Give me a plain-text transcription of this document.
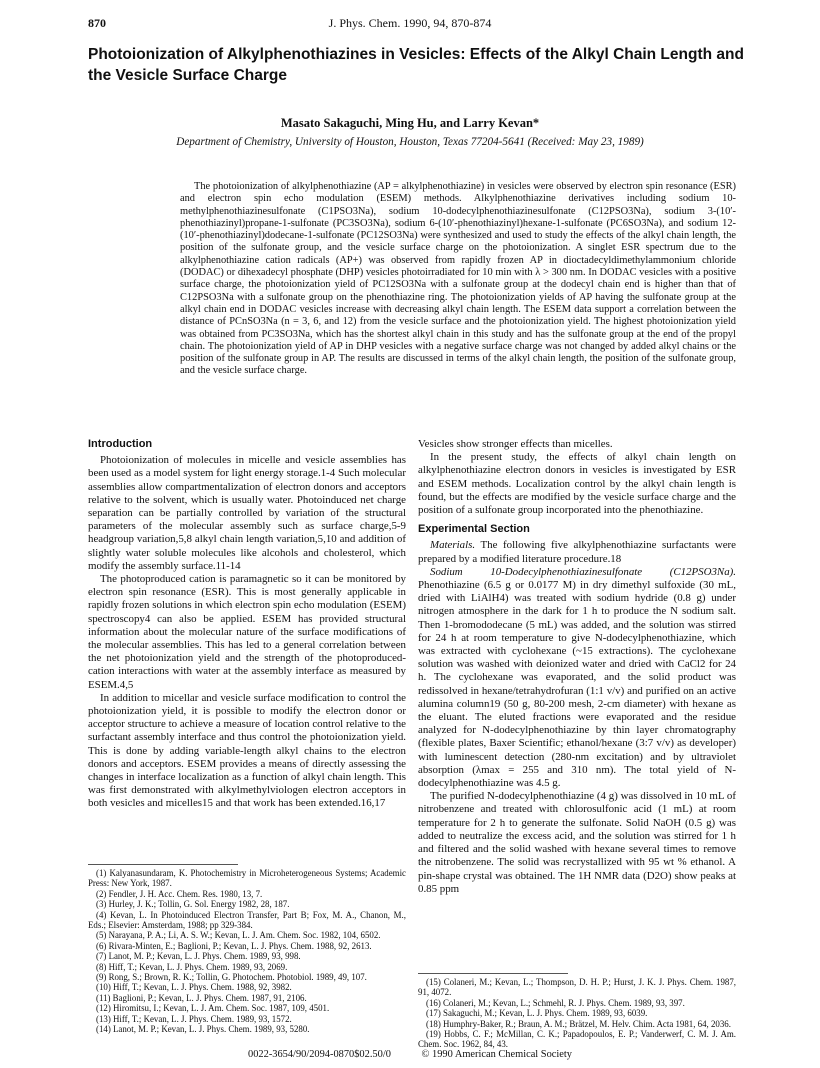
870	J. Phys. Chem. 1990, 94, 870-874
Photoionization of Alkylphenothiazines in Vesicles: Effects of the Alkyl Chain Length and the Vesicle Surface Charge
Masato Sakaguchi, Ming Hu, and Larry Kevan*
Department of Chemistry, University of Houston, Houston, Texas 77204-5641 (Received: May 23, 1989)
The photoionization of alkylphenothiazine (AP = alkylphenothiazine) in vesicles were observed by electron spin resonance (ESR) and electron spin echo modulation (ESEM) methods. Alkylphenothiazine derivatives including sodium 10-methylphenothiazinesulfonate (C1PSO3Na), sodium 10-dodecylphenothiazinesulfonate (C12PSO3Na), sodium 3-(10′-phenothiazinyl)propane-1-sulfonate (PC3SO3Na), sodium 6-(10′-phenothiazinyl)hexane-1-sulfonate (PC6SO3Na), and sodium 12-(10′-phenothiazinyl)dodecane-1-sulfonate (PC12SO3Na) were synthesized and used to study the effects of the alkyl chain length, the position of the sulfonate group, and the vesicle surface charge on the photoionization. A singlet ESR spectrum due to the alkylphenothiazine cation radicals (AP+) was observed from rapidly frozen AP in dioctadecyldimethylammonium chloride (DODAC) or dihexadecyl phosphate (DHP) vesicles photoirradiated for 10 min with λ > 300 nm. In DODAC vesicles with a positive surface charge, the photoionization yield of PC12SO3Na with a sulfonate group at the dodecyl chain end is higher than that of C12PSO3Na with a sulfonate group on the phenothiazine ring. The photoionization yields of AP having the sulfonate group at the alkyl chain end in DODAC vesicles increase with decreasing alkyl chain length. The ESEM data support a correlation between the distance of PCnSO3Na (n = 3, 6, and 12) from the vesicle surface and the photoionization yield. The highest photoionization yield was obtained from PC3SO3Na, which has the shortest alkyl chain in this study and has the sulfonate group at the end of the propyl chain. The photoionization yield of AP in DHP vesicles with a negative surface charge was not changed by added alkyl chains or the position of the sulfonate group in AP. The results are discussed in terms of the alkyl chain length, the position of the sulfonate group, and the vesicle surface charge.
Introduction

Photoionization of molecules in micelle and vesicle assemblies has been used as a model system for light energy storage.1-4 Such molecular assemblies allow compartmentalization of electron donors and acceptors relative to the solvent, which is usually water. Photoinduced net charge separation can be partially controlled by variation of the structural parameters of the molecular assembly such as surface charge,5-9 headgroup variation,5,8 alkyl chain length variation,5,10 and addition of slightly water soluble molecules like alcohols and cholesterol, which modify the assembly surface.11-14

The photoproduced cation is paramagnetic so it can be monitored by electron spin resonance (ESR). This is most generally applicable in rapidly frozen solutions in which electron spin echo modulation (ESEM) spectroscopy4 can also be applied. ESEM has provided structural information about the molecular nature of the surface modifications of the molecular assemblies. This has led to a general correlation between the net photoionization yield and the strength of the photoproduced-cation interactions with water at the assembly interface as measured by ESEM.4,5

In addition to micellar and vesicle surface modification to control the photoionization yield, it is possible to modify the electron donor or acceptor structure to achieve a measure of location control relative to the surfactant assembly interface and thus control the photoionization yield. This is done by adding variable-length alkyl chains to the electron donors and acceptors. ESEM provides a means of directly assessing the changes in interface localization as a function of alkyl chain length. This was first demonstrated with alkylmethylviologen electron acceptors in both vesicles and micelles15 and that work has been extended.16,17

(1) Kalyanasundaram, K. Photochemistry in Microheterogeneous Systems; Academic Press: New York, 1987.
(2) Fendler, J. H. Acc. Chem. Res. 1980, 13, 7.
(3) Hurley, J. K.; Tollin, G. Sol. Energy 1982, 28, 187.
(4) Kevan, L. In Photoinduced Electron Transfer, Part B; Fox, M. A., Chanon, M., Eds.; Elsevier: Amsterdam, 1988; pp 329-384.
(5) Narayana, P. A.; Li, A. S. W.; Kevan, L. J. Am. Chem. Soc. 1982, 104, 6502.
(6) Rivara-Minten, E.; Baglioni, P.; Kevan, L. J. Phys. Chem. 1988, 92, 2613.
(7) Lanot, M. P.; Kevan, L. J. Phys. Chem. 1989, 93, 998.
(8) Hiff, T.; Kevan, L. J. Phys. Chem. 1989, 93, 2069.
(9) Rong, S.; Brown, R. K.; Tollin, G. Photochem. Photobiol. 1989, 49, 107.
(10) Hiff, T.; Kevan, L. J. Phys. Chem. 1988, 92, 3982.
(11) Baglioni, P.; Kevan, L. J. Phys. Chem. 1987, 91, 2106.
(12) Hiromitsu, I.; Kevan, L. J. Am. Chem. Soc. 1987, 109, 4501.
(13) Hiff, T.; Kevan, L. J. Phys. Chem. 1989, 93, 1572.
(14) Lanot, M. P.; Kevan, L. J. Phys. Chem. 1989, 93, 5280.

Vesicles show stronger effects than micelles.

In the present study, the effects of alkyl chain length on alkylphenothiazine electron donors in vesicles is investigated by ESR and ESEM methods. Localization control by the alkyl chain length is found, but the effects are modified by the vesicle surface charge and the position of a sulfonate group incorporated into the phenothiazine.

Experimental Section

Materials. The following five alkylphenothiazine surfactants were prepared by a modified literature procedure.18

Sodium 10-Dodecylphenothiazinesulfonate (C12PSO3Na). Phenothiazine (6.5 g or 0.0177 M) in dry dimethyl sulfoxide (30 mL, dried with LiAlH4) was treated with sodium hydride (0.8 g) under nitrogen atmosphere in the dark for 1 h to produce the N sodium salt. Then 1-bromododecane (5 mL) was added, and the solution was stirred for 24 h at room temperature to give N-dodecylphenothiazine, which was extracted with cyclohexane (~15 extractions). The cyclohexane solution was washed with deionized water and dried with CaCl2 for 24 h. The cyclohexane was evaporated, and the solid product was redissolved in hexane/tetrahydrofuran (1:1 v/v) and purified on an active alumina column19 (50 g, 80-200 mesh, 2-cm diameter) with hexane as the eluant. The eluted fractions were evaporated and the residue analyzed for N-dodecylphenothiazine by thin layer chromatography (flexible plates, Baxer Scientific; ethanol/hexane (3:7 v/v) as developer) with luminescent detection (280-nm excitation) and by ultraviolet absorption (λmax = 255 and 310 nm). The total yield of N-dodecylphenothiazine was 4.5 g.

The purified N-dodecylphenothiazine (4 g) was dissolved in 10 mL of nitrobenzene and treated with chlorosulfonic acid (1 mL) at room temperature for 2 h to generate the sulfonate. Solid NaOH (0.5 g) was added to neutralize the excess acid, and the solution was stirred for 1 h and filtered and the solid washed with hexane several times to remove the nitrobenzene. The solid was recrystallized with 95 wt % ethanol. A pin-shape crystal was obtained. The 1H NMR data (D2O) show peaks at 0.85 ppm

(15) Colaneri, M.; Kevan, L.; Thompson, D. H. P.; Hurst, J. K. J. Phys. Chem. 1987, 91, 4072.
(16) Colaneri, M.; Kevan, L.; Schmehl, R. J. Phys. Chem. 1989, 93, 397.
(17) Sakaguchi, M.; Kevan, L. J. Phys. Chem. 1989, 93, 6039.
(18) Humphry-Baker, R.; Braun, A. M.; Brätzel, M. Helv. Chim. Acta 1981, 64, 2036.
(19) Hobbs, C. F.; McMillan, C. K.; Papadopoulos, E. P.; Vanderwerf, C. M. J. Am. Chem. Soc. 1962, 84, 43.
0022-3654/90/2094-0870$02.50/0	© 1990 American Chemical Society
